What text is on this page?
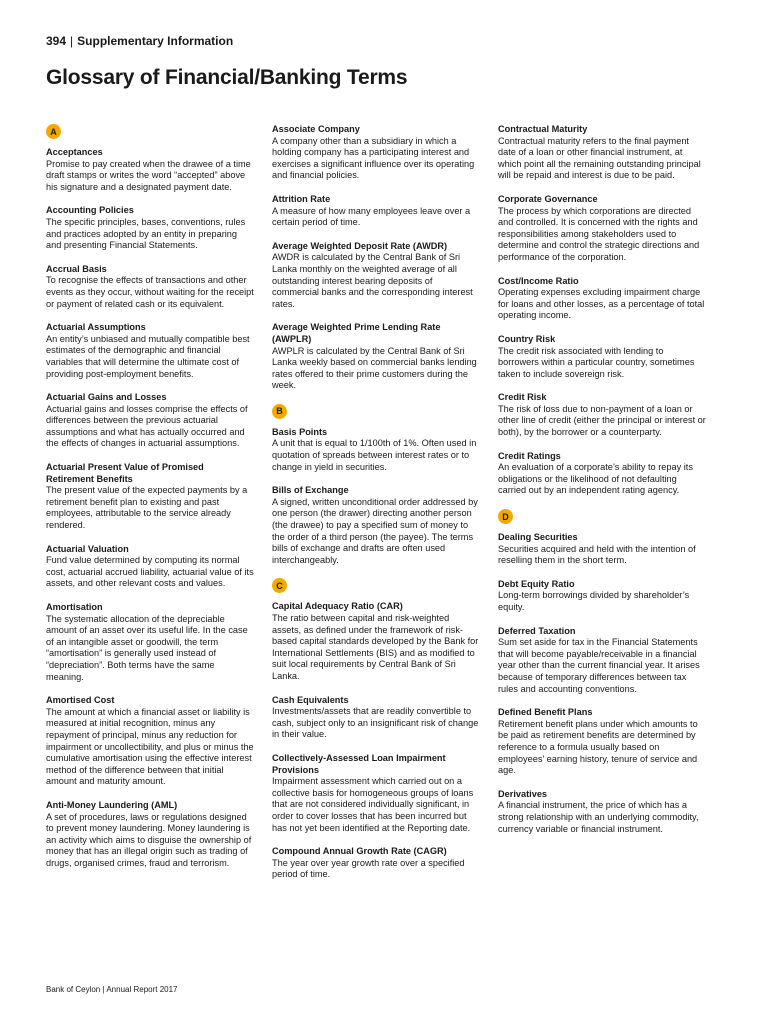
394 | Supplementary Information
Glossary of Financial/Banking Terms
A
Acceptances

Promise to pay created when the drawee of a time draft stamps or writes the word “accepted” above his signature and a designated payment date.

Accounting Policies

The specific principles, bases, conventions, rules and practices adopted by an entity in preparing and presenting Financial Statements.

Accrual Basis

To recognise the effects of transactions and other events as they occur, without waiting for the receipt or payment of related cash or its equivalent.

Actuarial Assumptions

An entity’s unbiased and mutually compatible best estimates of the demographic and financial variables that will determine the ultimate cost of providing post-employment benefits.

Actuarial Gains and Losses

Actuarial gains and losses comprise the effects of differences between the previous actuarial assumptions and what has actually occurred and the effects of changes in actuarial assumptions.

Actuarial Present Value of Promised Retirement Benefits

The present value of the expected payments by a retirement benefit plan to existing and past employees, attributable to the service already rendered.

Actuarial Valuation

Fund value determined by computing its normal cost, actuarial accrued liability, actuarial value of its assets, and other relevant costs and values.

Amortisation

The systematic allocation of the depreciable amount of an asset over its useful life. In the case of an intangible asset or goodwill, the term “amortisation” is generally used instead of “depreciation”. Both terms have the same meaning.

Amortised Cost

The amount at which a financial asset or liability is measured at initial recognition, minus any repayment of principal, minus any reduction for impairment or uncollectibility, and plus or minus the cumulative amortisation using the effective interest method of the difference between that initial amount and maturity amount.

Anti-Money Laundering (AML)

A set of procedures, laws or regulations designed to prevent money laundering. Money laundering is an activity which aims to disguise the ownership of money that has an illegal origin such as trading of drugs, organised crimes, fraud and terrorism.

Associate Company

A company other than a subsidiary in which a holding company has a participating interest and exercises a significant influence over its operating and financial policies.

Attrition Rate

A measure of how many employees leave over a certain period of time.

Average Weighted Deposit Rate (AWDR)

AWDR is calculated by the Central Bank of Sri Lanka monthly on the weighted average of all outstanding interest bearing deposits of commercial banks and the corresponding interest rates.

Average Weighted Prime Lending Rate (AWPLR)

AWPLR is calculated by the Central Bank of Sri Lanka weekly based on commercial banks lending rates offered to their prime customers during the week.

B
Basis Points

A unit that is equal to 1/100th of 1%. Often used in quotation of spreads between interest rates or to change in yield in securities.

Bills of Exchange

A signed, written unconditional order addressed by one person (the drawer) directing another person (the drawee) to pay a specified sum of money to the order of a third person (the payee). The terms bills of exchange and drafts are often used interchangeably.

C
Capital Adequacy Ratio (CAR)

The ratio between capital and risk-weighted assets, as defined under the framework of risk-based capital standards developed by the Bank for International Settlements (BIS) and as modified to suit local requirements by Central Bank of Sri Lanka.

Cash Equivalents

Investments/assets that are readily convertible to cash, subject only to an insignificant risk of change in their value.

Collectively-Assessed Loan Impairment Provisions

Impairment assessment which carried out on a collective basis for homogeneous groups of loans that are not considered individually significant, in order to cover losses that has been incurred but has not yet been identified at the Reporting date.

Compound Annual Growth Rate (CAGR)

The year over year growth rate over a specified period of time.

Contractual Maturity

Contractual maturity refers to the final payment date of a loan or other financial instrument, at which point all the remaining outstanding principal will be repaid and interest is due to be paid.

Corporate Governance

The process by which corporations are directed and controlled. It is concerned with the rights and responsibilities among stakeholders used to determine and control the strategic directions and performance of the corporation.

Cost/Income Ratio

Operating expenses excluding impairment charge for loans and other losses, as a percentage of total operating income.

Country Risk

The credit risk associated with lending to borrowers within a particular country, sometimes taken to include sovereign risk.

Credit Risk

The risk of loss due to non-payment of a loan or other line of credit (either the principal or interest or both), by the borrower or a counterparty.

Credit Ratings

An evaluation of a corporate’s ability to repay its obligations or the likelihood of not defaulting carried out by an independent rating agency.

D
Dealing Securities

Securities acquired and held with the intention of reselling them in the short term.

Debt Equity Ratio

Long-term borrowings divided by shareholder’s equity.

Deferred Taxation

Sum set aside for tax in the Financial Statements that will become payable/receivable in a financial year other than the current financial year. It arises because of temporary differences between tax rules and accounting conventions.

Defined Benefit Plans

Retirement benefit plans under which amounts to be paid as retirement benefits are determined by reference to a formula usually based on employees’ earning history, tenure of service and age.

Derivatives

A financial instrument, the price of which has a strong relationship with an underlying commodity, currency variable or financial instrument.

Bank of Ceylon | Annual Report 2017
